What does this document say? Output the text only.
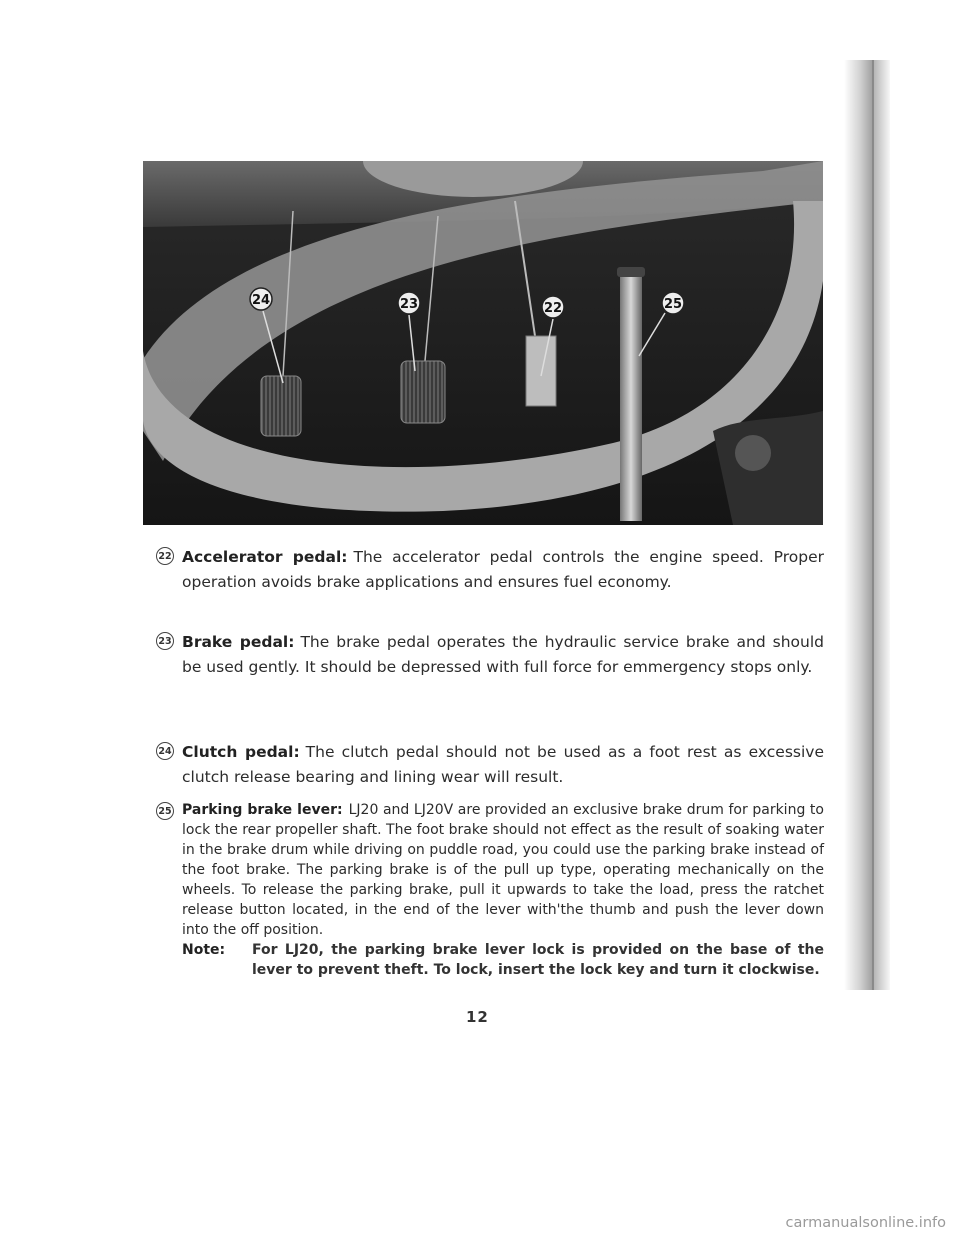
24	23	22	25
22 Accelerator pedal: The accelerator pedal controls the engine speed. Proper operation avoids brake applications and ensures fuel economy.

23 Brake pedal: The brake pedal operates the hydraulic service brake and should be used gently. It should be depressed with full force for emmergency stops only.

24 Clutch pedal: The clutch pedal should not be used as a foot rest as excessive clutch release bearing and lining wear will result.

25 Parking brake lever: LJ20 and LJ20V are provided an exclusive brake drum for parking to lock the rear propeller shaft. The foot brake should not effect as the result of soaking water in the brake drum while driving on puddle road, you could use the parking brake instead of the foot brake. The parking brake is of the pull up type, operating mechanically on the wheels. To release the parking brake, pull it upwards to take the load, press the ratchet release button located, in the end of the lever with'the thumb and push the lever down into the off position.

Note: For LJ20, the parking brake lever lock is provided on the base of the lever to prevent theft. To lock, insert the lock key and turn it clockwise.
12
carmanualsonline.info
